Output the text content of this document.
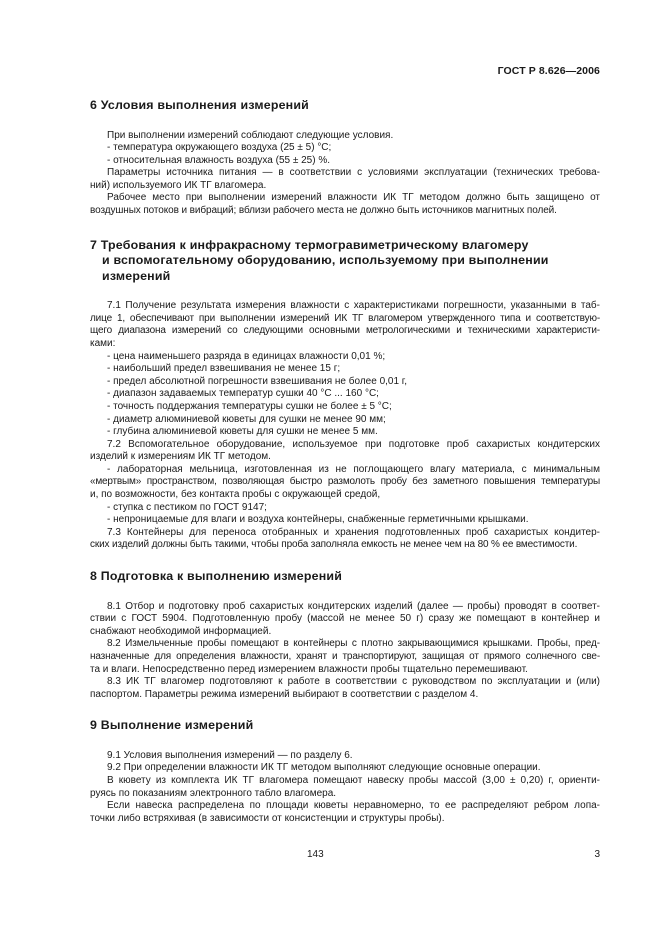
ГОСТ Р 8.626—2006
6 Условия выполнения измерений

При выполнении измерений соблюдают следующие условия.

- температура окружающего воздуха (25 ± 5) °С;

- относительная влажность воздуха (55 ± 25) %.

Параметры источника питания — в соответствии с условиями эксплуатации (технических требова-

ний) используемого ИК ТГ влагомера.

Рабочее место при выполнении измерений влажности ИК ТГ методом должно быть защищено от

воздушных потоков и вибраций; вблизи рабочего места не должно быть источников магнитных полей.

7 Требования к инфракрасному термогравиметрическому влагомеру
и вспомогательному оборудованию, используемому при выполнении
измерений

7.1 Получение результата измерения влажности с характеристиками погрешности, указанными в таб-

лице 1, обеспечивают при выполнении измерений ИК ТГ влагомером утвержденного типа и соответствую-

щего диапазона измерений со следующими основными метрологическими и техническими характеристи-

ками:

- цена наименьшего разряда в единицах влажности 0,01 %;

- наибольший предел взвешивания не менее 15 г;

- предел абсолютной погрешности взвешивания не более 0,01 г,

- диапазон задаваемых температур сушки 40 °С ... 160 °С;

- точность поддержания температуры сушки не более ± 5 °С;

- диаметр алюминиевой кюветы для сушки не менее 90 мм;

- глубина алюминиевой кюветы для сушки не менее 5 мм.

7.2 Вспомогательное оборудование, используемое при подготовке проб сахаристых кондитерских

изделий к измерениям ИК ТГ методом.

- лабораторная мельница, изготовленная из не поглощающего влагу материала, с минимальным

«мертвым» пространством, позволяющая быстро размолоть пробу без заметного повышения температуры

и, по возможности, без контакта пробы с окружающей средой,

- ступка с пестиком по ГОСТ 9147;

- непроницаемые для влаги и воздуха контейнеры, снабженные герметичными крышками.

7.3 Контейнеры для переноса отобранных и хранения подготовленных проб сахаристых кондитер-

ских изделий должны быть такими, чтобы проба заполняла емкость не менее чем на 80 % ее вместимости.

8 Подготовка к выполнению измерений

8.1 Отбор и подготовку проб сахаристых кондитерских изделий (далее — пробы) проводят в соответ-

ствии с ГОСТ 5904. Подготовленную пробу (массой не менее 50 г) сразу же помещают в контейнер и

снабжают необходимой информацией.

8.2 Измельченные пробы помещают в контейнеры с плотно закрывающимися крышками. Пробы, пред-

назначенные для определения влажности, хранят и транспортируют, защищая от прямого солнечного све-

та и влаги. Непосредственно перед измерением влажности пробы тщательно перемешивают.

8.3 ИК ТГ влагомер подготовляют к работе в соответствии с руководством по эксплуатации и (или)

паспортом. Параметры режима измерений выбирают в соответствии с разделом 4.

9 Выполнение измерений

9.1 Условия выполнения измерений — по разделу 6.

9.2 При определении влажности ИК ТГ методом выполняют следующие основные операции.

В кювету из комплекта ИК ТГ влагомера помещают навеску пробы массой (3,00 ± 0,20) г, ориенти-

руясь по показаниям электронного табло влагомера.

Если навеска распределена по площади кюветы неравномерно, то ее распределяют ребром лопа-

точки либо встряхивая (в зависимости от консистенции и структуры пробы).

143	3
